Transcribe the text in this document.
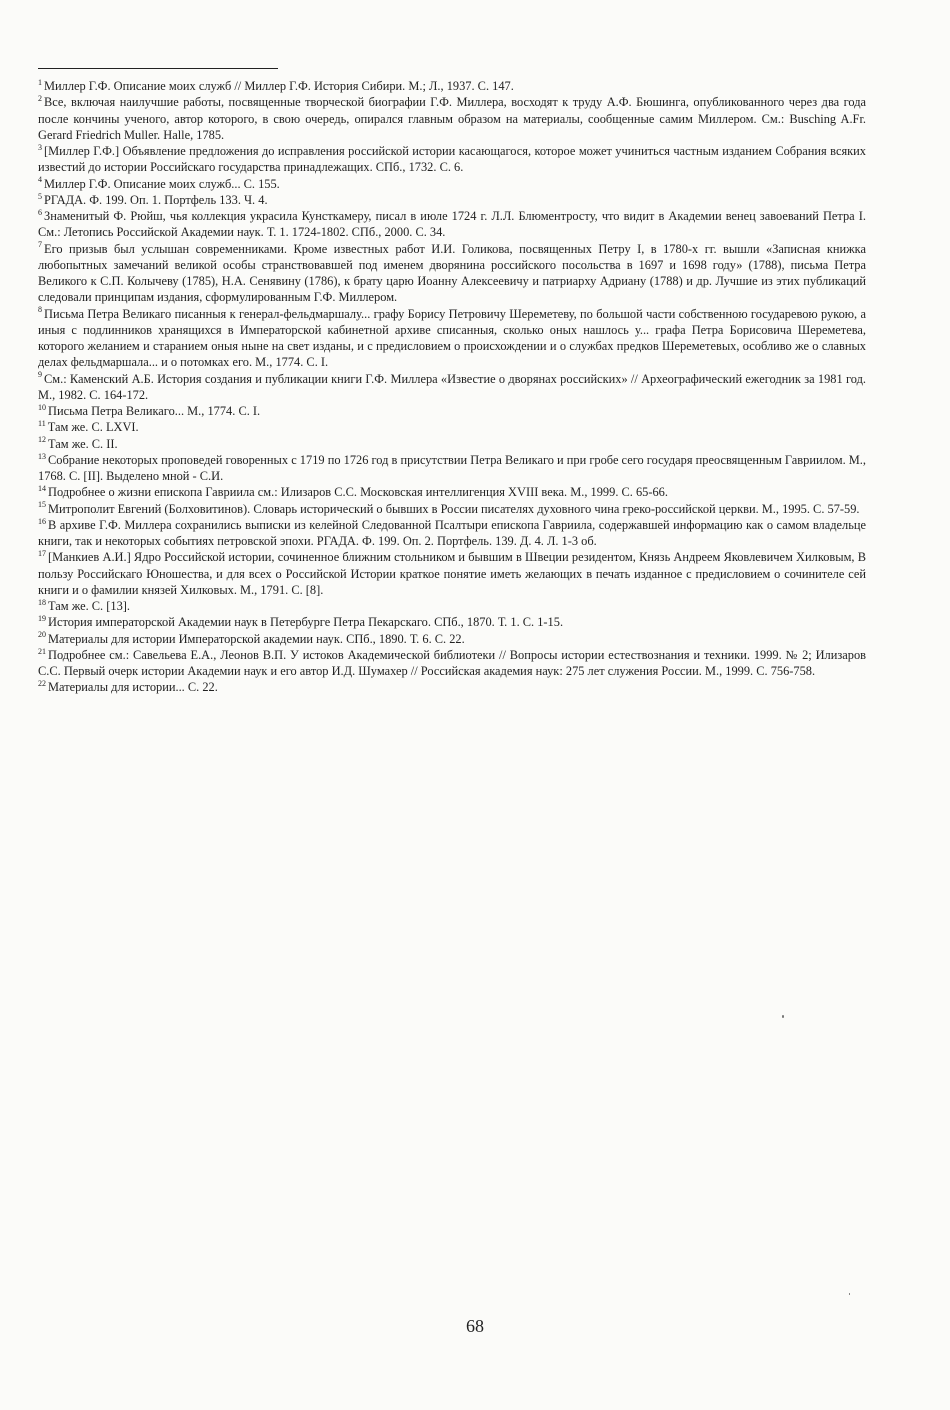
$^1$ Миллер Г.Ф. Описание моих служб // Миллер Г.Ф. История Сибири. М.; Л., 1937. С. 147.

$^2$ Все, включая наилучшие работы, посвященные творческой биографии Г.Ф. Миллера, восходят к труду А.Ф. Бюшинга, опубликованного через два года после кончины ученого, автор которого, в свою очередь, опирался главным образом на материалы, сообщенные самим Миллером. См.: Busching A.Fr. Gerard Friedrich Muller. Halle, 1785.

$^3$ [Миллер Г.Ф.] Объявление предложения до исправления российской истории касающагося, которое может учиниться частным изданием Собрания всяких известий до истории Российскаго государства принадлежащих. СПб., 1732. С. 6.

$^4$ Миллер Г.Ф. Описание моих служб... С. 155.

$^5$ РГАДА. Ф. 199. Оп. 1. Портфель 133. Ч. 4.

$^6$ Знаменитый Ф. Рюйш, чья коллекция украсила Кунсткамеру, писал в июле 1724 г. Л.Л. Блюментросту, что видит в Академии венец завоеваний Петра I. См.: Летопись Российской Академии наук. Т. 1. 1724-1802. СПб., 2000. С. 34.

$^7$ Его призыв был услышан современниками. Кроме известных работ И.И. Голикова, посвященных Петру I, в 1780-х гг. вышли «Записная книжка любопытных замечаний великой особы странствовавшей под именем дворянина российского посольства в 1697 и 1698 году» (1788), письма Петра Великого к С.П. Колычеву (1785), Н.А. Сенявину (1786), к брату царю Иоанну Алексеевичу и патриарху Адриану (1788) и др. Лучшие из этих публикаций следовали принципам издания, сформулированным Г.Ф. Миллером.

$^8$ Письма Петра Великаго писанныя к генерал-фельдмаршалу... графу Борису Петровичу Шереметеву, по большой части собственною государевою рукою, а иныя с подлинников хранящихся в Императорской кабинетной архиве списанныя, сколько оных нашлось у... графа Петра Борисовича Шереметева, которого желанием и старанием оныя ныне на свет изданы, и с предисловием о происхождении и о службах предков Шереметевых, особливо же о славных делах фельдмаршала... и о потомках его. М., 1774. С. I.

$^9$ См.: Каменский А.Б. История создания и публикации книги Г.Ф. Миллера «Известие о дворянах российских» // Археографический ежегодник за 1981 год. М., 1982. С. 164-172.

$^{10}$ Письма Петра Великаго... М., 1774. С. I.

$^{11}$ Там же. С. LXVI.

$^{12}$ Там же. С. II.

$^{13}$ Собрание некоторых проповедей говоренных с 1719 по 1726 год в присутствии Петра Великаго и при гробе сего государя преосвященным Гавриилом. М., 1768. С. [II]. Выделено мной - С.И.

$^{14}$ Подробнее о жизни епископа Гавриила см.: Илизаров С.С. Московская интеллигенция XVIII века. М., 1999. С. 65-66.

$^{15}$ Митрополит Евгений (Болховитинов). Словарь исторический о бывших в России писателях духовного чина греко-российской церкви. М., 1995. С. 57-59.

$^{16}$ В архиве Г.Ф. Миллера сохранились выписки из келейной Следованной Псалтыри епископа Гавриила, содержавшей информацию как о самом владельце книги, так и некоторых событиях петровской эпохи. РГАДА. Ф. 199. Оп. 2. Портфель. 139. Д. 4. Л. 1-3 об.

$^{17}$ [Манкиев А.И.] Ядро Российской истории, сочиненное ближним стольником и бывшим в Швеции резидентом, Князь Андреем Яковлевичем Хилковым, В пользу Российскаго Юношества, и для всех о Российской Истории краткое понятие иметь желающих в печать изданное с предисловием о сочинителе сей книги и о фамилии князей Хилковых. М., 1791. С. [8].

$^{18}$ Там же. С. [13].

$^{19}$ История императорской Академии наук в Петербурге Петра Пекарскаго. СПб., 1870. Т. 1. С. 1-15.

$^{20}$ Материалы для истории Императорской академии наук. СПб., 1890. Т. 6. С. 22.

$^{21}$ Подробнее см.: Савельева Е.А., Леонов В.П. У истоков Академической библиотеки // Вопросы истории естествознания и техники. 1999. № 2; Илизаров С.С. Первый очерк истории Академии наук и его автор И.Д. Шумахер // Российская академия наук: 275 лет служения России. М., 1999. С. 756-758.

$^{22}$ Материалы для истории... С. 22.

68
